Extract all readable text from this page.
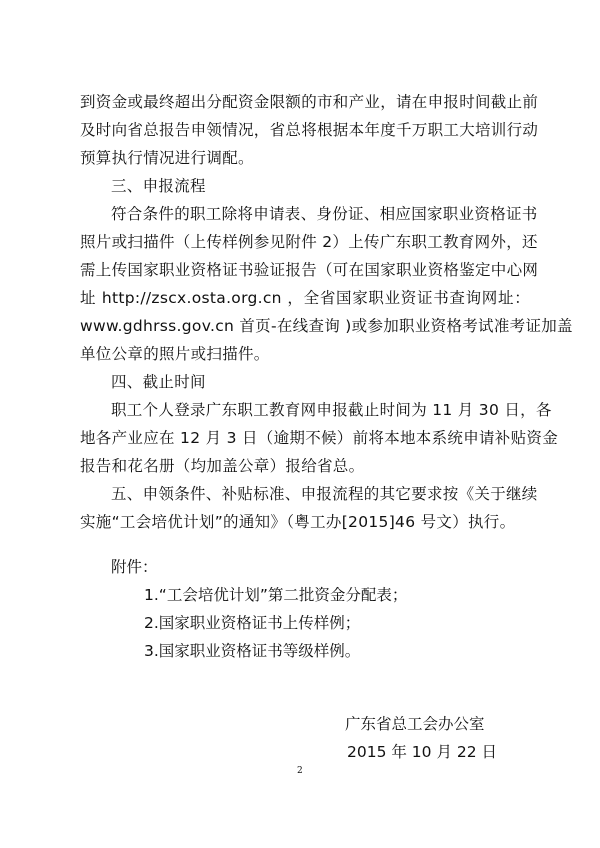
到资金或最终超出分配资金限额的市和产业，请在申报时间截止前
及时向省总报告申领情况，省总将根据本年度千万职工大培训行动
预算执行情况进行调配。
三、申报流程
符合条件的职工除将申请表、身份证、相应国家职业资格证书
照片或扫描件（上传样例参见附件 2）上传广东职工教育网外，还
需上传国家职业资格证书验证报告（可在国家职业资格鉴定中心网
址 http://zscx.osta.org.cn ，全省国家职业资证书查询网址：
www.gdhrss.gov.cn 首页-在线查询 )或参加职业资格考试准考证加盖
单位公章的照片或扫描件。
四、截止时间
职工个人登录广东职工教育网申报截止时间为 11 月 30 日，各
地各产业应在 12 月 3 日（逾期不候）前将本地本系统申请补贴资金
报告和花名册（均加盖公章）报给省总。
五、申领条件、补贴标准、申报流程的其它要求按《关于继续
实施“工会培优计划”的通知》（粤工办[2015]46 号文）执行。
附件：
1.“工会培优计划”第二批资金分配表；
2.国家职业资格证书上传样例；
3.国家职业资格证书等级样例。
广东省总工会办公室
2015 年 10 月 22 日
2
